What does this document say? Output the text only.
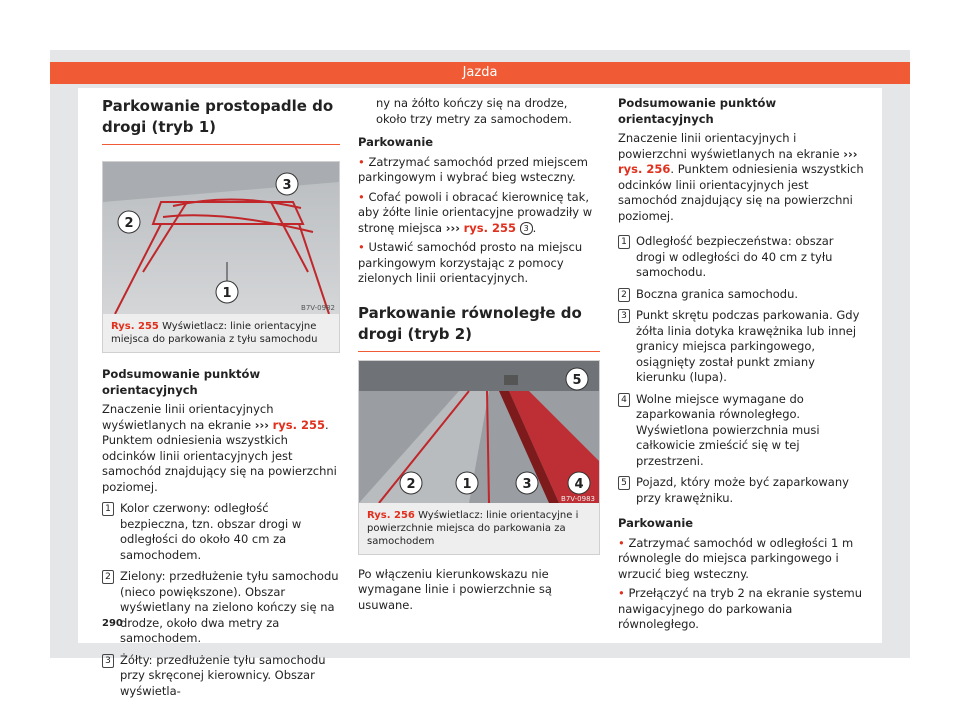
Jazda
Parkowanie prostopadle do drogi (tryb 1)
1
2
3
B7V-0982
Rys. 255 Wyświetlacz: linie orientacyjne miejsca do parkowania z tyłu samochodu
Podsumowanie punktów orientacyjnych

Znaczenie linii orientacyjnych wyświetlanych na ekranie ››› rys. 255. Punktem odniesienia wszystkich odcinków linii orientacyjnych jest samochód znajdujący się na powierzchni poziomej.

1 Kolor czerwony: odległość bezpieczna, tzn. obszar drogi w odległości do około 40 cm za samochodem.
2 Zielony: przedłużenie tyłu samochodu (nieco powiększone). Obszar wyświetlany na zielono kończy się na drodze, około dwa metry za samochodem.
3 Żółty: przedłużenie tyłu samochodu przy skręconej kierownicy. Obszar wyświetla-

ny na żółto kończy się na drodze, około trzy metry za samochodem.

Parkowanie

• Zatrzymać samochód przed miejscem parkingowym i wybrać bieg wsteczny.

• Cofać powoli i obracać kierownicę tak, aby żółte linie orientacyjne prowadziły w stronę miejsca ››› rys. 255 3 .

• Ustawić samochód prosto na miejscu parkingowym korzystając z pomocy zielonych linii orientacyjnych.

Parkowanie równoległe do drogi (tryb 2)
5
2	1	3	4
B7V-0983
Rys. 256 Wyświetlacz: linie orientacyjne i powierzchnie miejsca do parkowania za samochodem

Po włączeniu kierunkowskazu nie wymagane linie i powierzchnie są usuwane.

Podsumowanie punktów orientacyjnych

Znaczenie linii orientacyjnych i powierzchni wyświetlanych na ekranie ››› rys. 256. Punktem odniesienia wszystkich odcinków linii orientacyjnych jest samochód znajdujący się na powierzchni poziomej.

1 Odległość bezpieczeństwa: obszar drogi w odległości do 40 cm z tyłu samochodu.
2 Boczna granica samochodu.
3 Punkt skrętu podczas parkowania. Gdy żółta linia dotyka krawężnika lub innej granicy miejsca parkingowego, osiągnięty został punkt zmiany kierunku (lupa).
4 Wolne miejsce wymagane do zaparkowania równoległego. Wyświetlona powierzchnia musi całkowicie zmieścić się w tej przestrzeni.
5 Pojazd, który może być zaparkowany przy krawężniku.
Parkowanie

• Zatrzymać samochód w odległości 1 m równolegle do miejsca parkingowego i wrzucić bieg wsteczny.

• Przełączyć na tryb 2 na ekranie systemu nawigacyjnego do parkowania równoległego.

290
